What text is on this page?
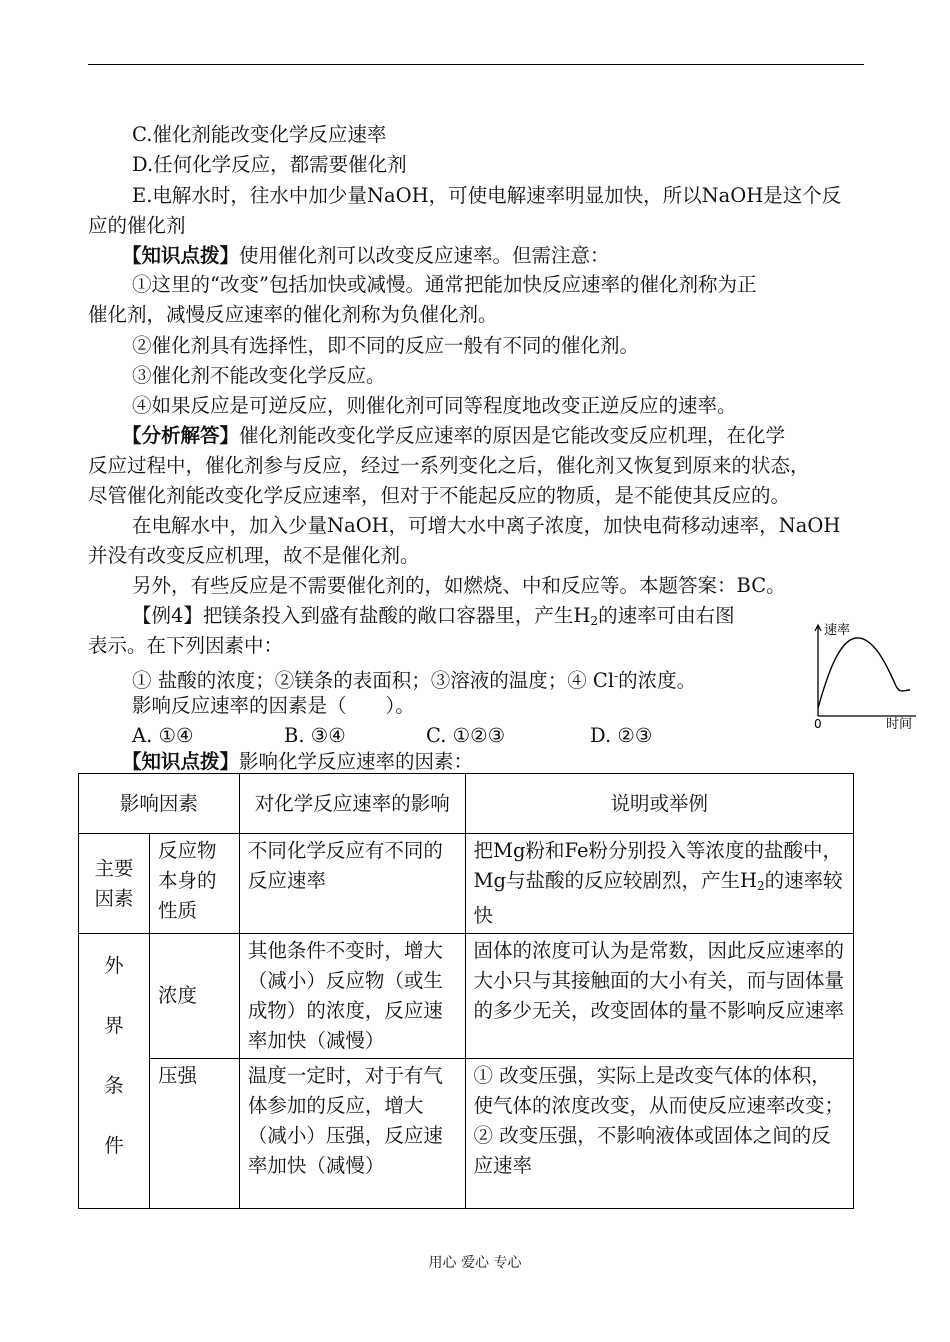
C.催化剂能改变化学反应速率
D.任何化学反应，都需要催化剂
E.电解水时，往水中加少量NaOH，可使电解速率明显加快，所以NaOH是这个反
应的催化剂
【知识点拨】使用催化剂可以改变反应速率。但需注意：
①这里的“改变”包括加快或减慢。通常把能加快反应速率的催化剂称为正
催化剂，减慢反应速率的催化剂称为负催化剂。
②催化剂具有选择性，即不同的反应一般有不同的催化剂。
③催化剂不能改变化学反应。
④如果反应是可逆反应，则催化剂可同等程度地改变正逆反应的速率。
【分析解答】催化剂能改变化学反应速率的原因是它能改变反应机理，在化学
反应过程中，催化剂参与反应，经过一系列变化之后，催化剂又恢复到原来的状态，
尽管催化剂能改变化学反应速率，但对于不能起反应的物质，是不能使其反应的。
在电解水中，加入少量NaOH，可增大水中离子浓度，加快电荷移动速率，NaOH
并没有改变反应机理，故不是催化剂。
另外，有些反应是不需要催化剂的，如燃烧、中和反应等。本题答案：BC。
【例4】把镁条投入到盛有盐酸的敞口容器里，产生$H_2$的速率可由右图
表示。在下列因素中：
① 盐酸的浓度；②镁条的表面积；③溶液的温度；④ Cl-的浓度。
影响反应速率的因素是（　　）。
A. ①④	B. ③④	C. ①②③	D. ②③
速率
0	时间
【知识点拨】影响化学反应速率的因素：
影响因素		对化学反应速率的影响	说明或举例
主要因素	反应物本身的性质	不同化学反应有不同的反应速率	把Mg粉和Fe粉分别投入等浓度的盐酸中，Mg与盐酸的反应较剧烈，产生$H_2$的速率较快

外
界
条
件	浓度	其他条件不变时，增大（减小）反应物（或生成物）的浓度，反应速率加快（减慢）	固体的浓度可认为是常数，因此反应速率的大小只与其接触面的大小有关，而与固体量的多少无关，改变固体的量不影响反应速率
	压强	温度一定时，对于有气体参加的反应，增大（减小）压强，反应速率加快（减慢）	① 改变压强，实际上是改变气体的体积，使气体的浓度改变，从而使反应速率改变；
② 改变压强，不影响液体或固体之间的反应速率
用心 爱心 专心
